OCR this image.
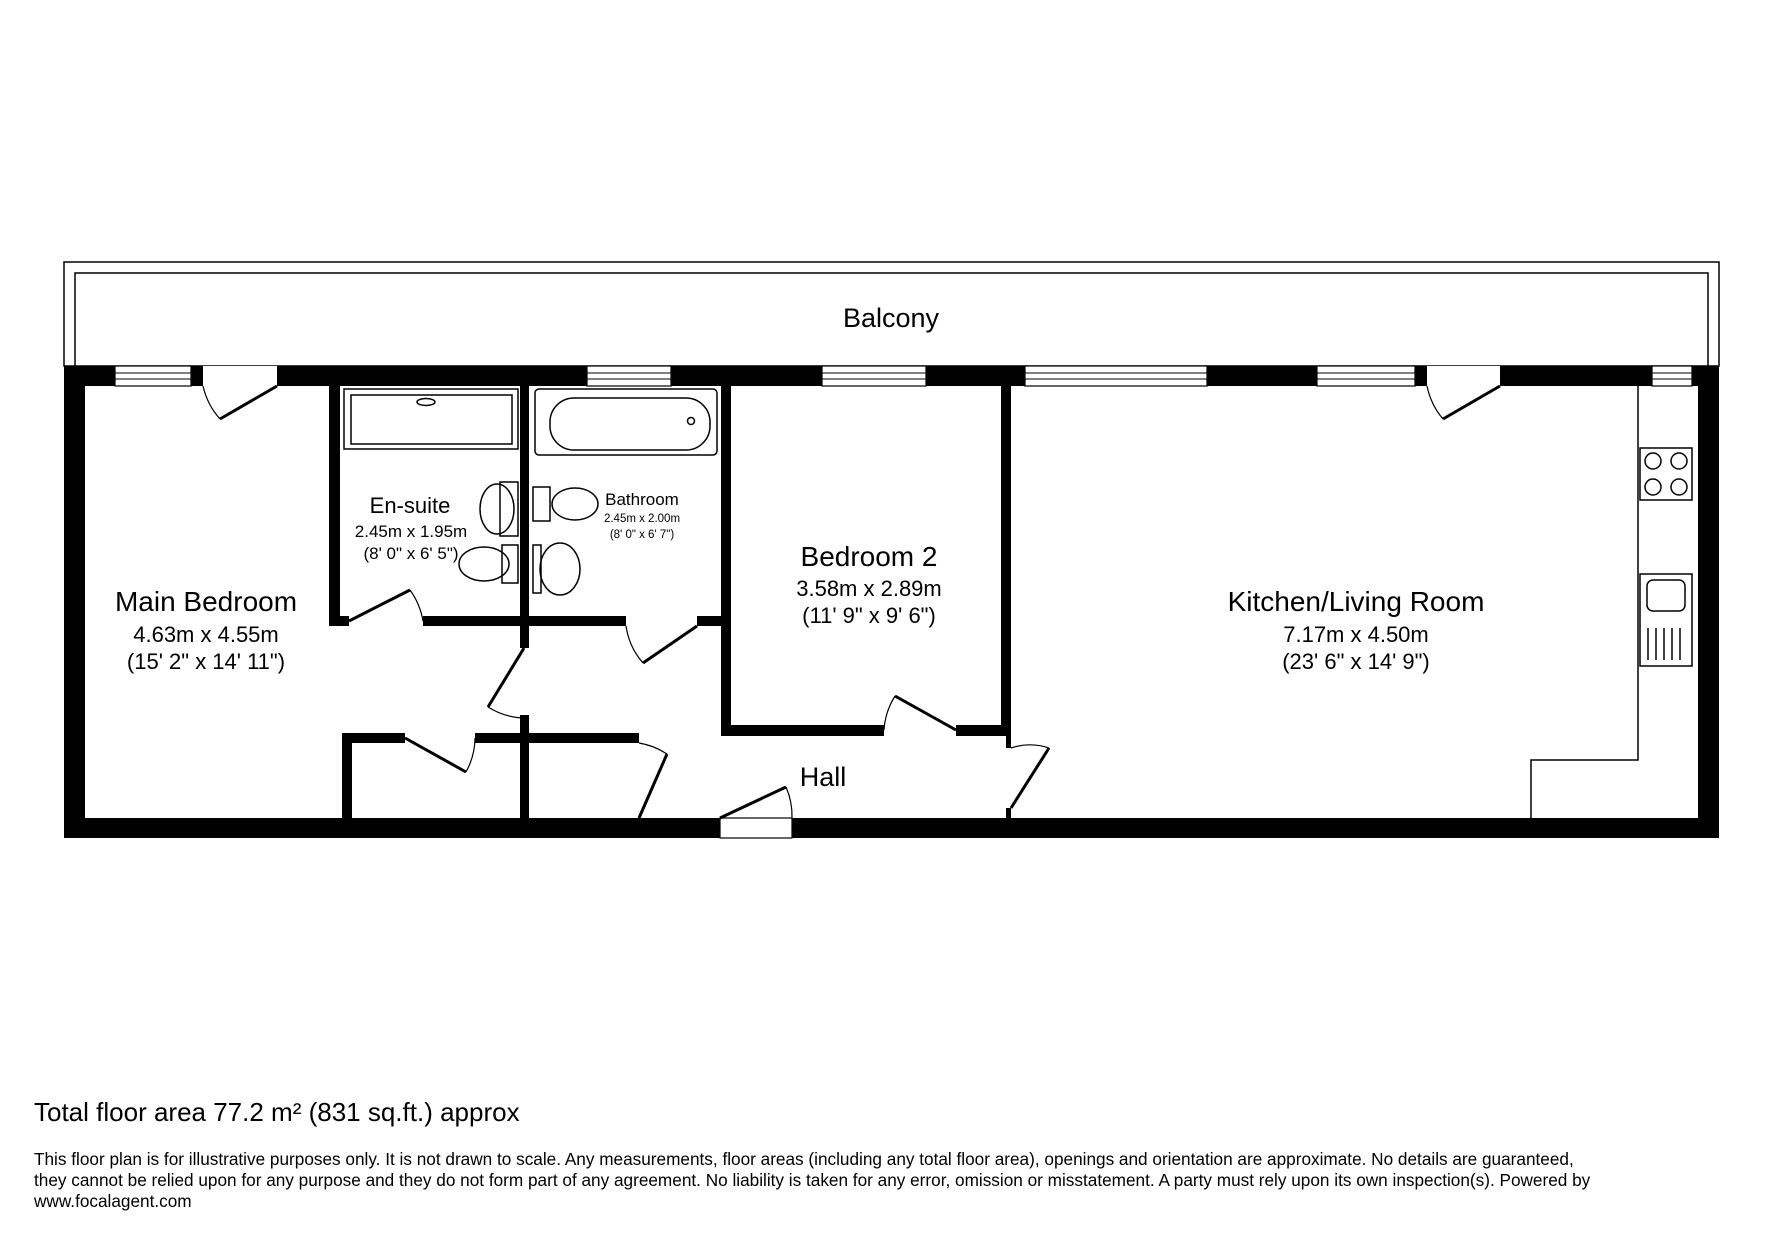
Balcony
Main Bedroom
4.63m x 4.55m
(15' 2" x 14' 11")
En-suite
2.45m x 1.95m
(8' 0" x 6' 5")
Bathroom
2.45m x 2.00m
(8' 0" x 6' 7")
Bedroom 2
3.58m x 2.89m
(11' 9" x 9' 6")	Kitchen/Living Room
7.17m x 4.50m
(23' 6" x 14' 9")
Hall
Total floor area 77.2 m² (831 sq.ft.) approx
This floor plan is for illustrative purposes only. It is not drawn to scale. Any measurements, floor areas (including any total floor area), openings and orientation are approximate. No details are guaranteed,
they cannot be relied upon for any purpose and they do not form part of any agreement. No liability is taken for any error, omission or misstatement. A party must rely upon its own inspection(s). Powered by
www.focalagent.com
